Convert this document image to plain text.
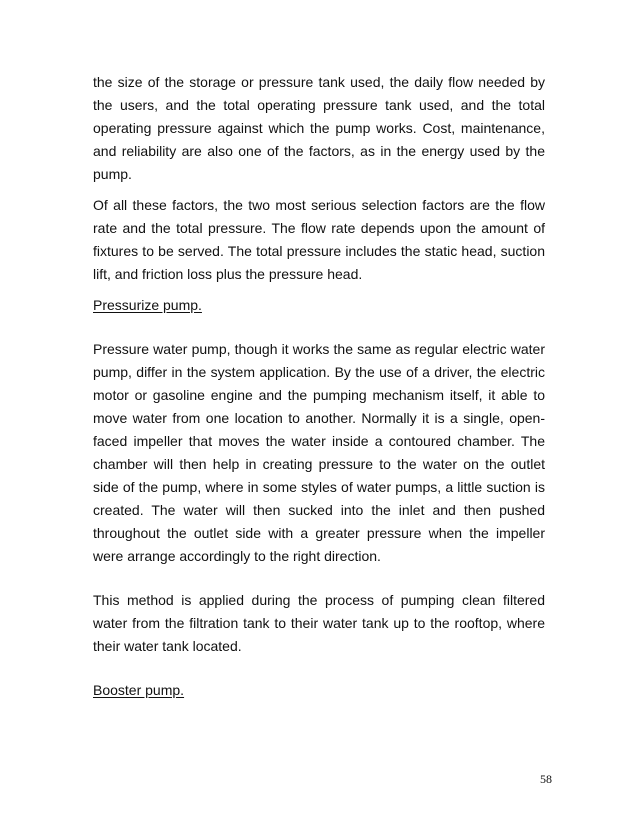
the size of the storage or pressure tank used, the daily flow needed by the users, and the total operating pressure tank used, and the total operating pressure against which the pump works. Cost, maintenance, and reliability are also one of the factors, as in the energy used by the pump.

Of all these factors, the two most serious selection factors are the flow rate and the total pressure. The flow rate depends upon the amount of fixtures to be served. The total pressure includes the static head, suction lift, and friction loss plus the pressure head.

Pressurize pump.

Pressure water pump, though it works the same as regular electric water pump, differ in the system application. By the use of a driver, the electric motor or gasoline engine and the pumping mechanism itself, it able to move water from one location to another. Normally it is a single, open-faced impeller that moves the water inside a contoured chamber. The chamber will then help in creating pressure to the water on the outlet side of the pump, where in some styles of water pumps, a little suction is created. The water will then sucked into the inlet and then pushed throughout the outlet side with a greater pressure when the impeller were arrange accordingly to the right direction.

This method is applied during the process of pumping clean filtered water from the filtration tank to their water tank up to the rooftop, where their water tank located.

Booster pump.

58
